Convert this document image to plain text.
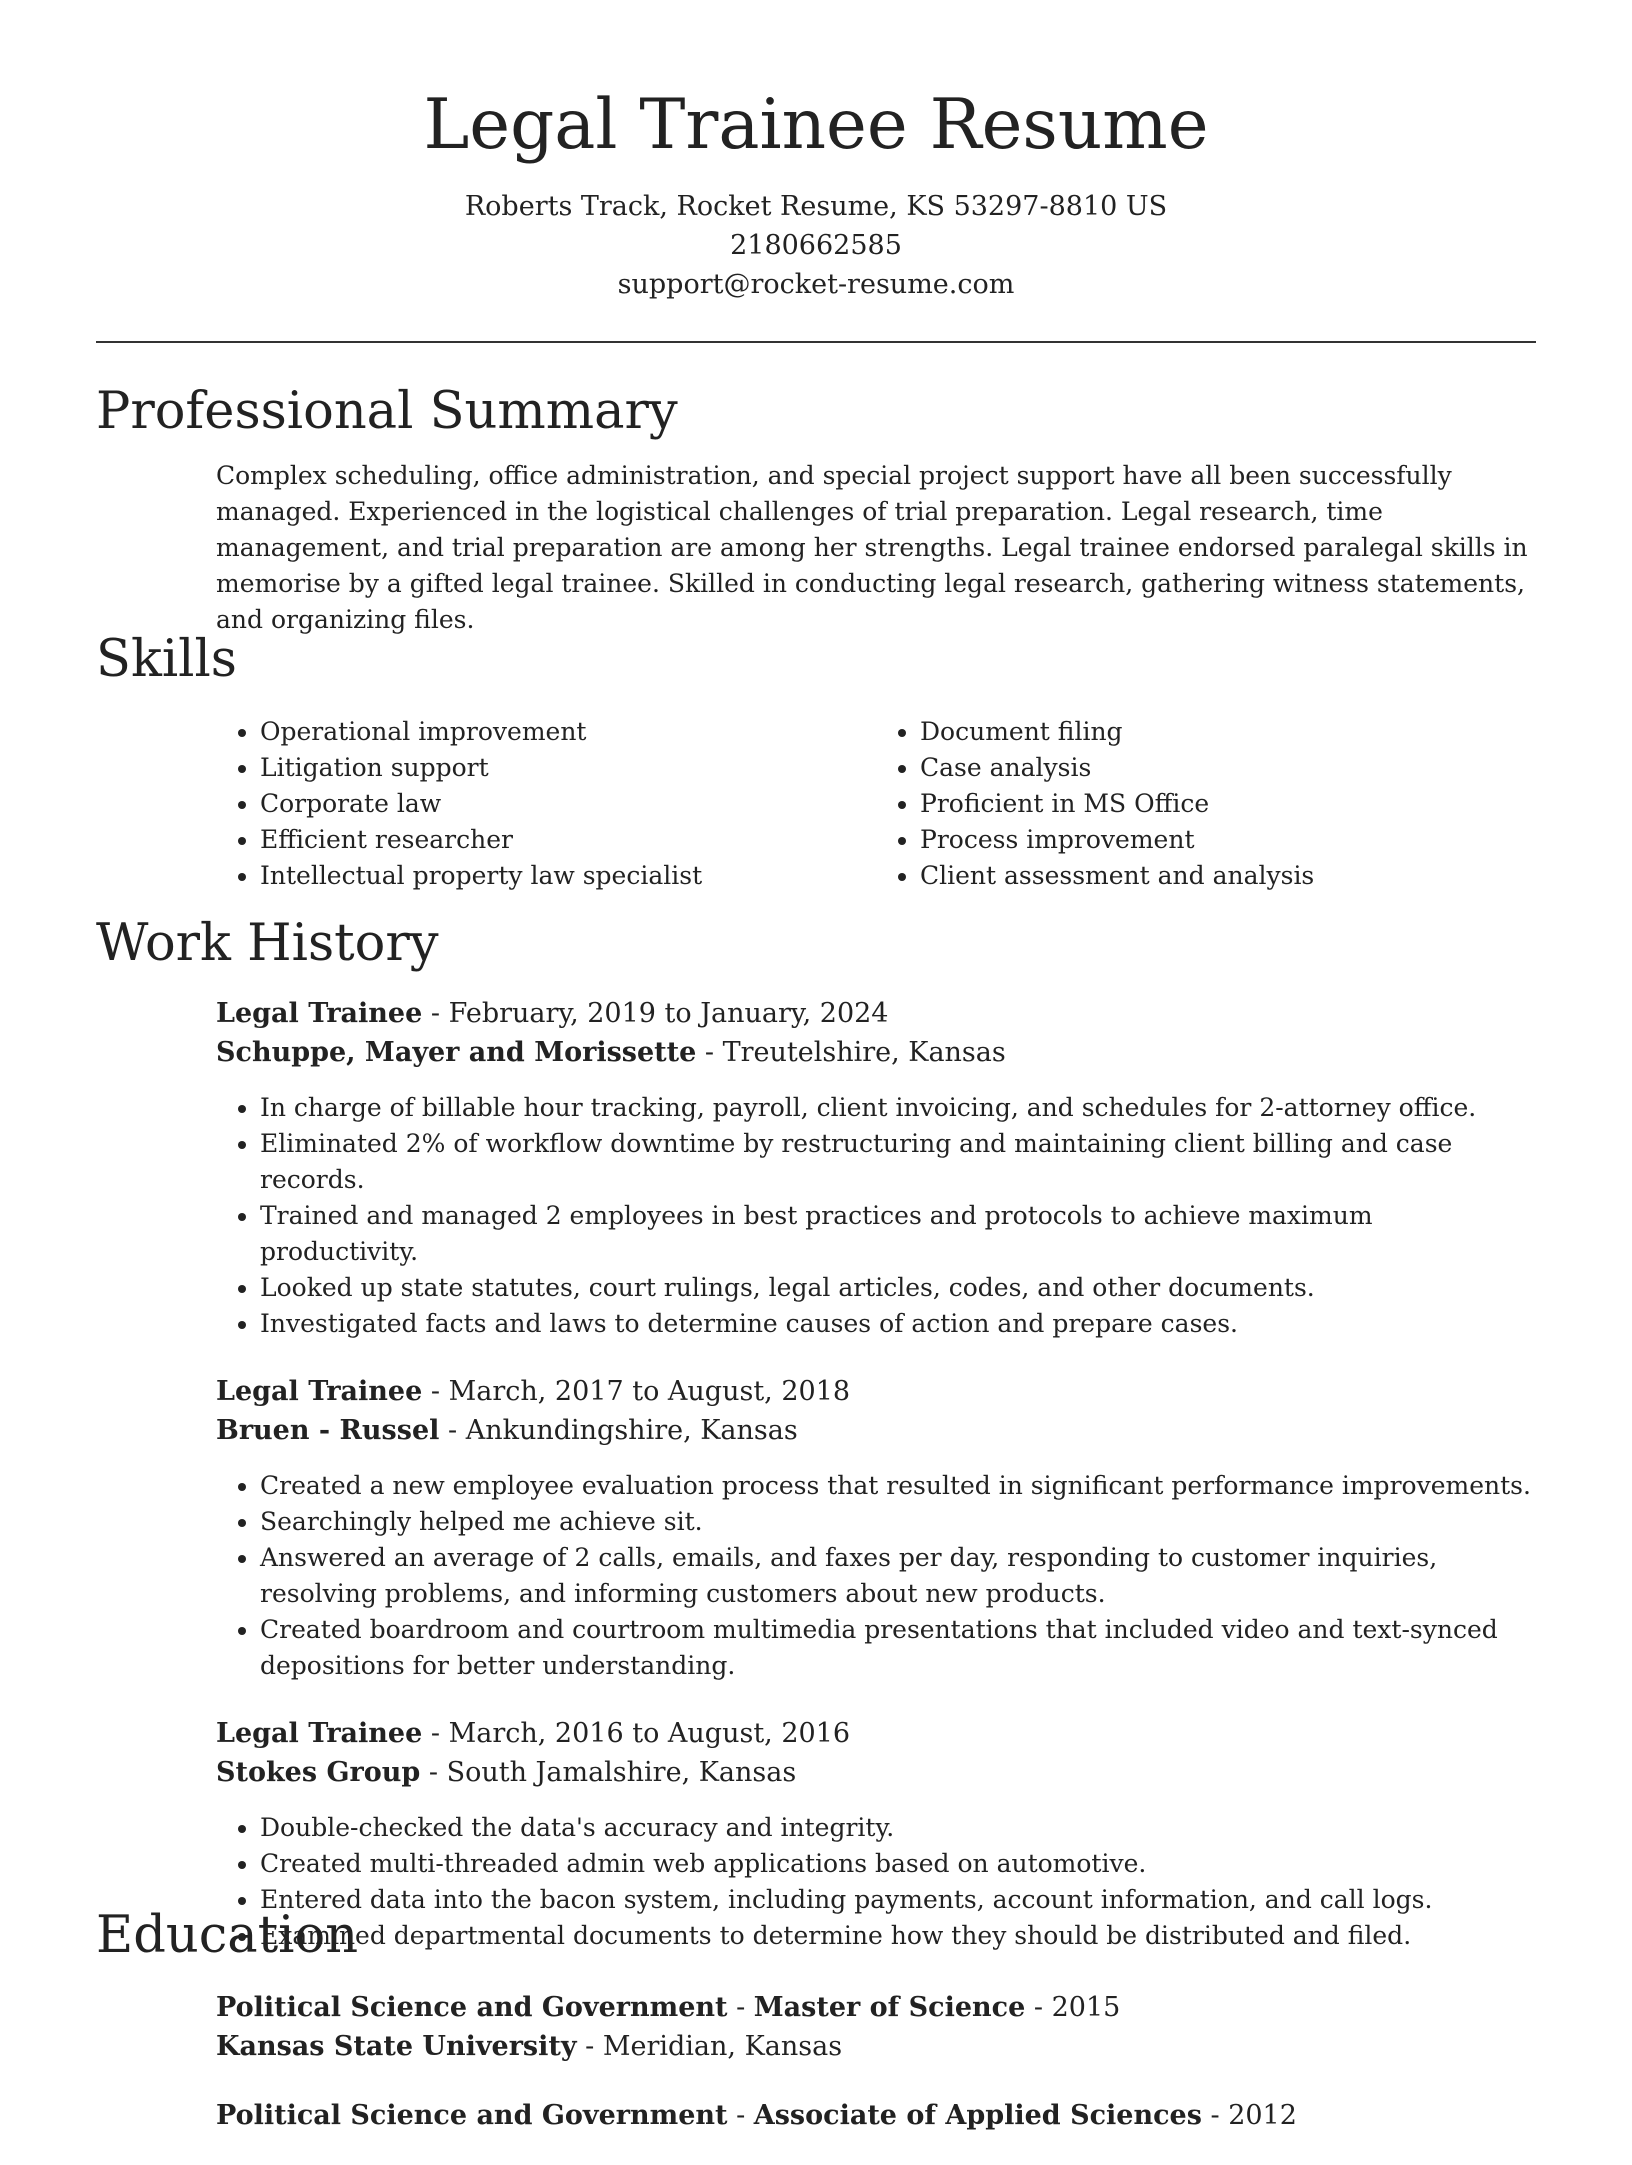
Legal Trainee Resume
Roberts Track, Rocket Resume, KS 53297-8810 US
2180662585
support@rocket-resume.com
Professional Summary

Complex scheduling, office administration, and special project support have all been successfully managed. Experienced in the logistical challenges of trial preparation. Legal research, time management, and trial preparation are among her strengths. Legal trainee endorsed paralegal skills in memorise by a gifted legal trainee. Skilled in conducting legal research, gathering witness statements, and organizing files.

Skills
• Operational improvement
• Litigation support
• Corporate law
• Efficient researcher
• Intellectual property law specialist
• Document filing
• Case analysis
• Proficient in MS Office
• Process improvement
• Client assessment and analysis
Work History
Legal Trainee - February, 2019 to January, 2024
Schuppe, Mayer and Morissette - Treutelshire, Kansas
• In charge of billable hour tracking, payroll, client invoicing, and schedules for 2-attorney office.
• Eliminated 2% of workflow downtime by restructuring and maintaining client billing and case records.
• Trained and managed 2 employees in best practices and protocols to achieve maximum productivity.
• Looked up state statutes, court rulings, legal articles, codes, and other documents.
• Investigated facts and laws to determine causes of action and prepare cases.
Legal Trainee - March, 2017 to August, 2018
Bruen - Russel - Ankundingshire, Kansas
• Created a new employee evaluation process that resulted in significant performance improvements.
• Searchingly helped me achieve sit.
• Answered an average of 2 calls, emails, and faxes per day, responding to customer inquiries, resolving problems, and informing customers about new products.
• Created boardroom and courtroom multimedia presentations that included video and text-synced depositions for better understanding.
Legal Trainee - March, 2016 to August, 2016
Stokes Group - South Jamalshire, Kansas
• Double-checked the data's accuracy and integrity.
• Created multi-threaded admin web applications based on automotive.
• Entered data into the bacon system, including payments, account information, and call logs.
• Examined departmental documents to determine how they should be distributed and filed.
Education
Political Science and Government - Master of Science - 2015
Kansas State University - Meridian, Kansas
Political Science and Government - Associate of Applied Sciences - 2012
